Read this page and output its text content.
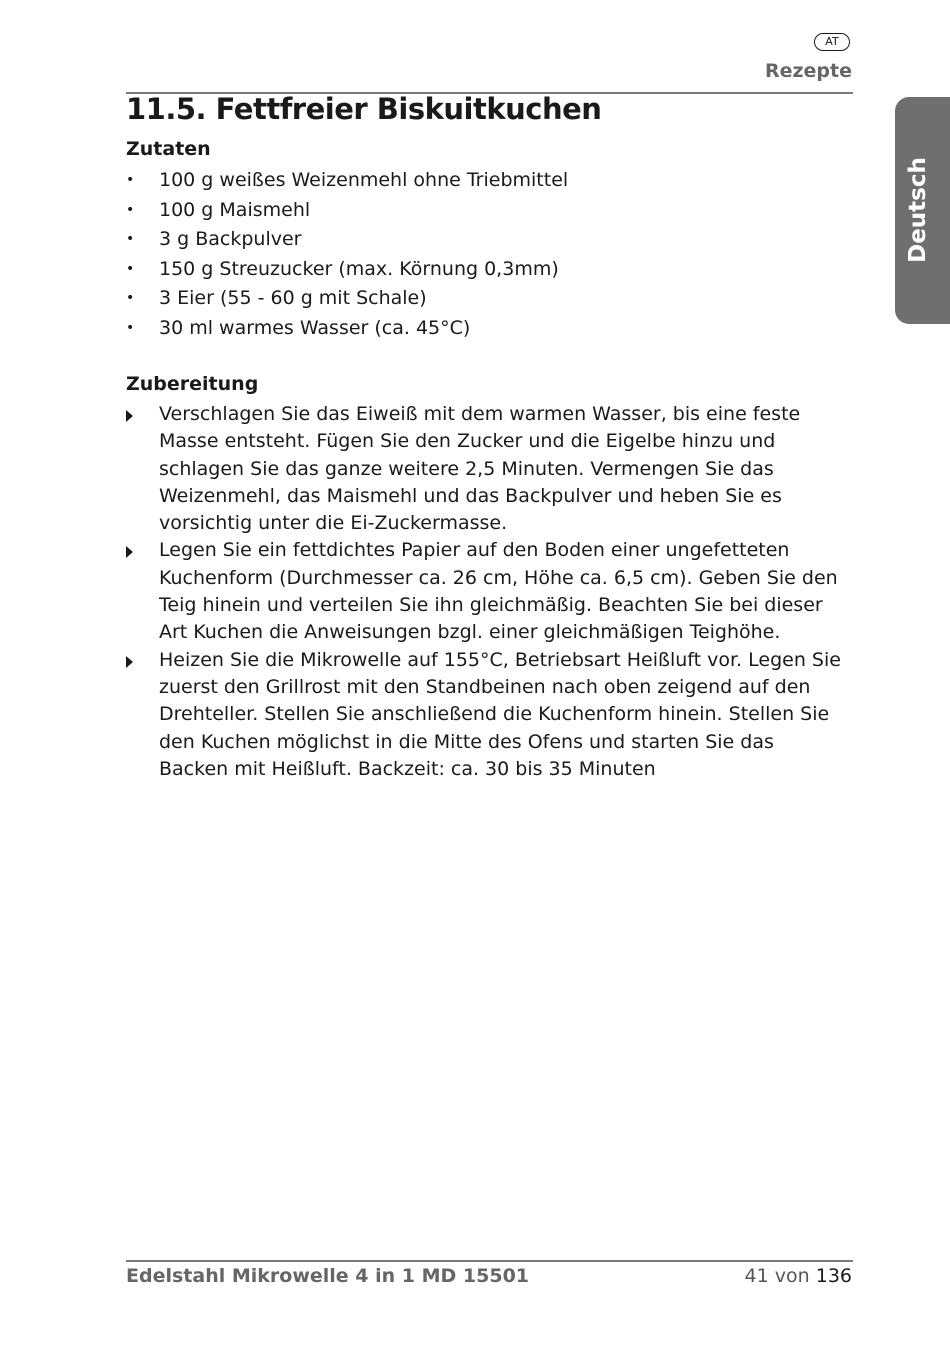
AT
Rezepte
Deutsch
11.5. Fettfreier Biskuitkuchen
Zutaten
• 100 g weißes Weizenmehl ohne Triebmittel
• 100 g Maismehl
• 3 g Backpulver
• 150 g Streuzucker (max. Körnung 0,3mm)
• 3 Eier (55 - 60 g mit Schale)
• 30 ml warmes Wasser (ca. 45°C)
Zubereitung
Verschlagen Sie das Eiweiß mit dem warmen Wasser, bis eine feste Masse entsteht. Fügen Sie den Zucker und die Eigelbe hinzu und schlagen Sie das ganze weitere 2,5 Minuten. Vermengen Sie das Weizenmehl, das Maismehl und das Backpulver und heben Sie es vorsichtig unter die Ei-Zuckermasse.
Legen Sie ein fettdichtes Papier auf den Boden einer ungefetteten Kuchenform (Durchmesser ca. 26 cm, Höhe ca. 6,5 cm). Geben Sie den Teig hinein und verteilen Sie ihn gleichmäßig. Beachten Sie bei dieser Art Kuchen die Anweisungen bzgl. einer gleichmäßigen Teighöhe.
Heizen Sie die Mikrowelle auf 155°C, Betriebsart Heißluft vor. Legen Sie zuerst den Grillrost mit den Standbeinen nach oben zeigend auf den Drehteller. Stellen Sie anschließend die Kuchenform hinein. Stellen Sie den Kuchen möglichst in die Mitte des Ofens und starten Sie das Backen mit Heißluft. Backzeit: ca. 30 bis 35 Minuten
Edelstahl Mikrowelle 4 in 1 MD 15501	41 von 136
